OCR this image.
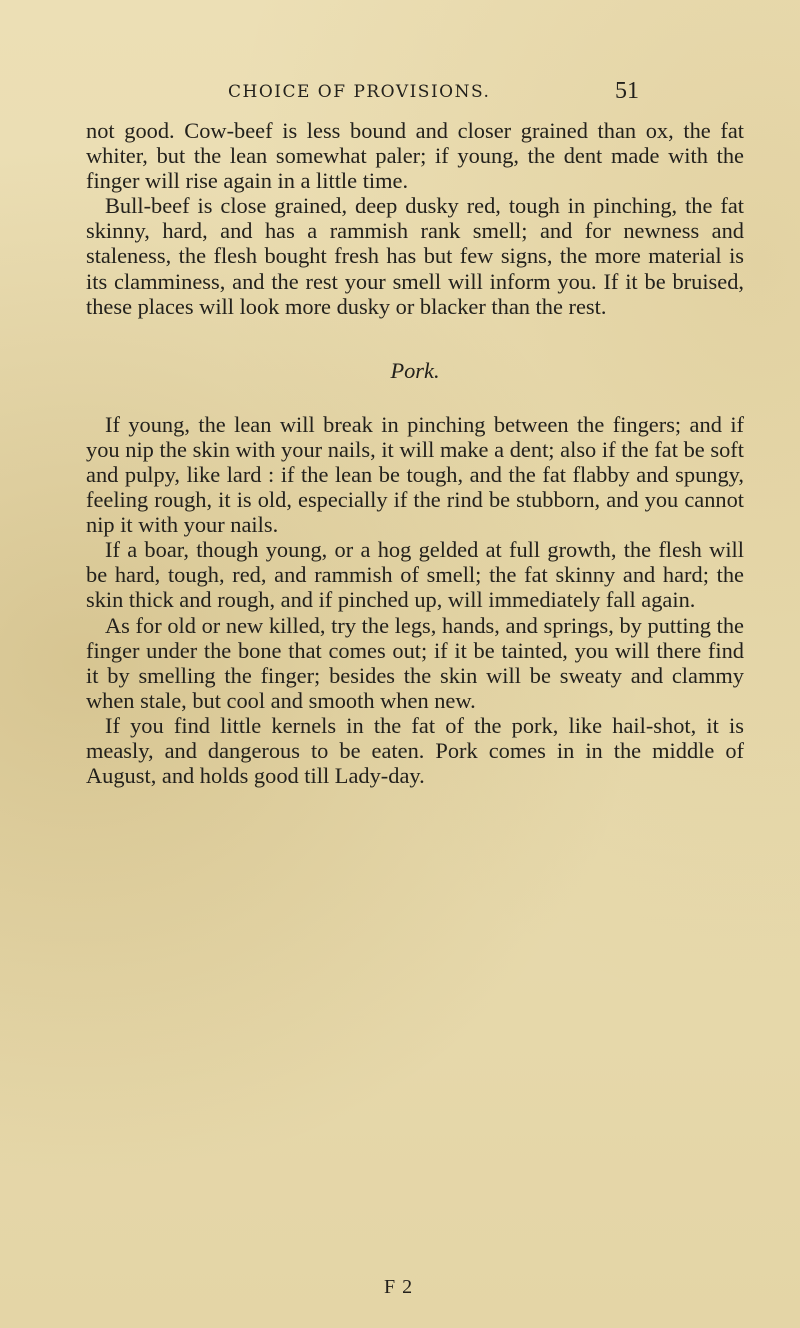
CHOICE OF PROVISIONS.	51

not good. Cow-beef is less bound and closer grained than ox, the fat whiter, but the lean somewhat paler; if young, the dent made with the finger will rise again in a little time.

Bull-beef is close grained, deep dusky red, tough in pinching, the fat skinny, hard, and has a rammish rank smell; and for newness and staleness, the flesh bought fresh has but few signs, the more material is its clamminess, and the rest your smell will inform you. If it be bruised, these places will look more dusky or blacker than the rest.

Pork.

If young, the lean will break in pinching between the fingers; and if you nip the skin with your nails, it will make a dent; also if the fat be soft and pulpy, like lard : if the lean be tough, and the fat flabby and spungy, feeling rough, it is old, especially if the rind be stubborn, and you cannot nip it with your nails.

If a boar, though young, or a hog gelded at full growth, the flesh will be hard, tough, red, and rammish of smell; the fat skinny and hard; the skin thick and rough, and if pinched up, will immediately fall again.

As for old or new killed, try the legs, hands, and springs, by putting the finger under the bone that comes out; if it be tainted, you will there find it by smelling the finger; besides the skin will be sweaty and clammy when stale, but cool and smooth when new.

If you find little kernels in the fat of the pork, like hail-shot, it is measly, and dangerous to be eaten. Pork comes in in the middle of August, and holds good till Lady-day.

F 2
